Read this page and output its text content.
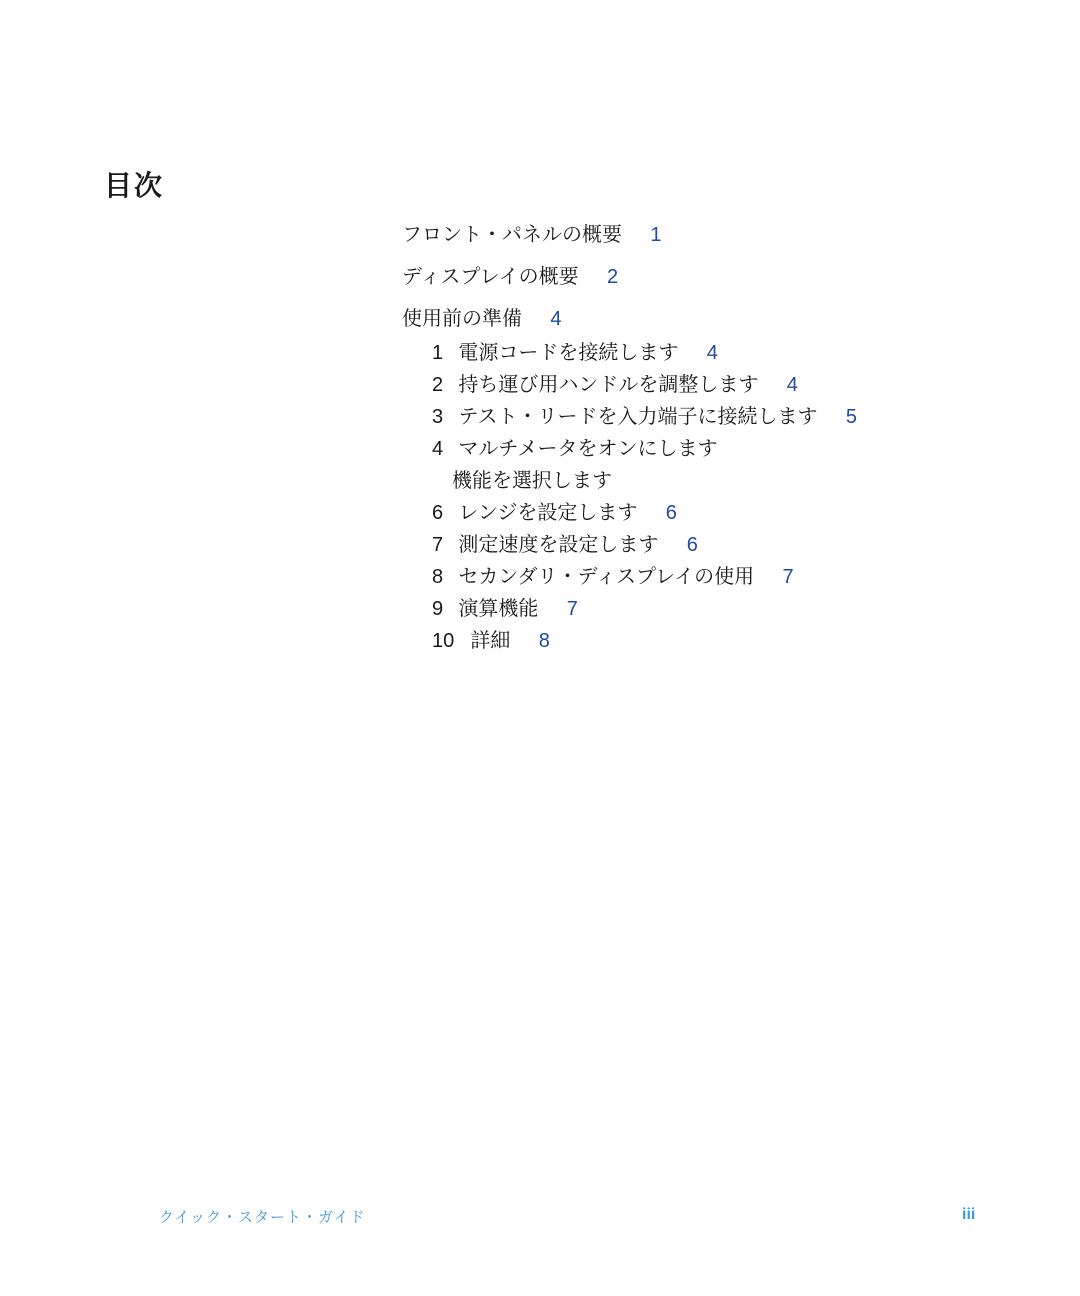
目次
フロント・パネルの概要 1
ディスプレイの概要 2
使用前の準備 4
1 電源コードを接続します 4
2 持ち運び用ハンドルを調整します 4
3 テスト・リードを入力端子に接続します 5
4 マルチメータをオンにします
機能を選択します
6 レンジを設定します 6
7 測定速度を設定します 6
8 セカンダリ・ディスプレイの使用 7
9 演算機能 7
10 詳細 8
クイック・スタート・ガイド	iii
